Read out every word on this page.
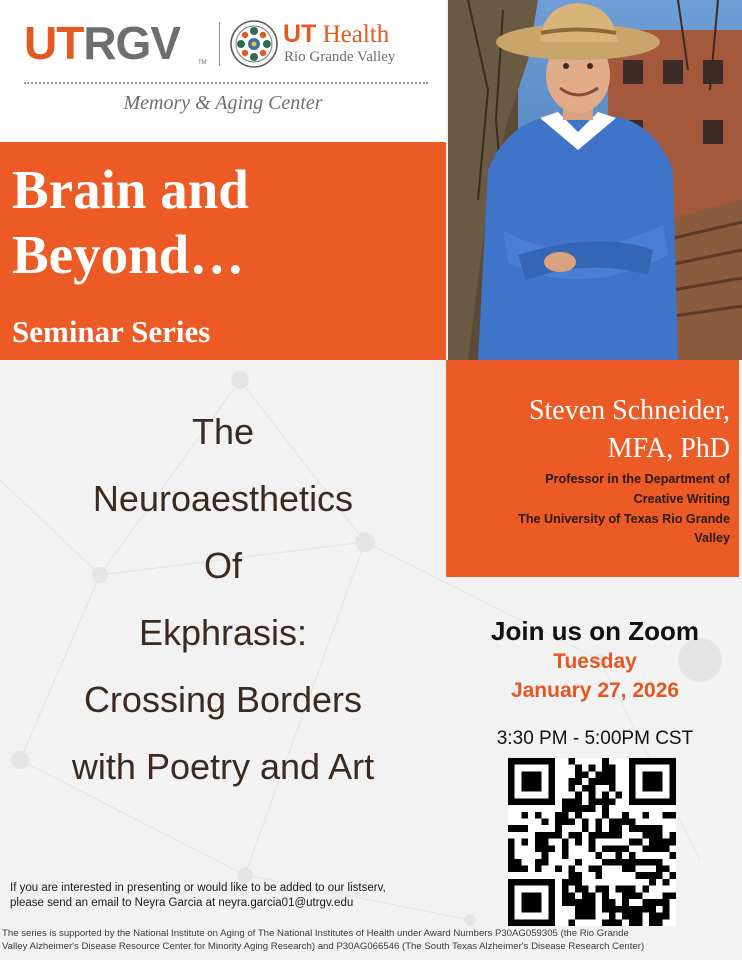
UTRGV	TM
UT Health
Rio Grande Valley
Memory & Aging Center
Brain and
Beyond…
Seminar Series
The
Neuroaesthetics
Of
Ekphrasis:
Crossing Borders
with Poetry and Art
Steven Schneider,
MFA, PhD
Professor in the Department of
Creative Writing
The University of Texas Rio Grande
Valley
Join us on Zoom
Tuesday
January 27, 2026
3:30 PM - 5:00PM CST
If you are interested in presenting or would like to be added to our listserv,
please send an email to Neyra Garcia at neyra.garcia01@utrgv.edu
The series is supported by the National Institute on Aging of The National Institutes of Health under Award Numbers P30AG059305 (the Rio Grande
Valley Alzheimer's Disease Resource Center for Minority Aging Research) and P30AG066546 (The South Texas Alzheimer's Disease Research Center)
